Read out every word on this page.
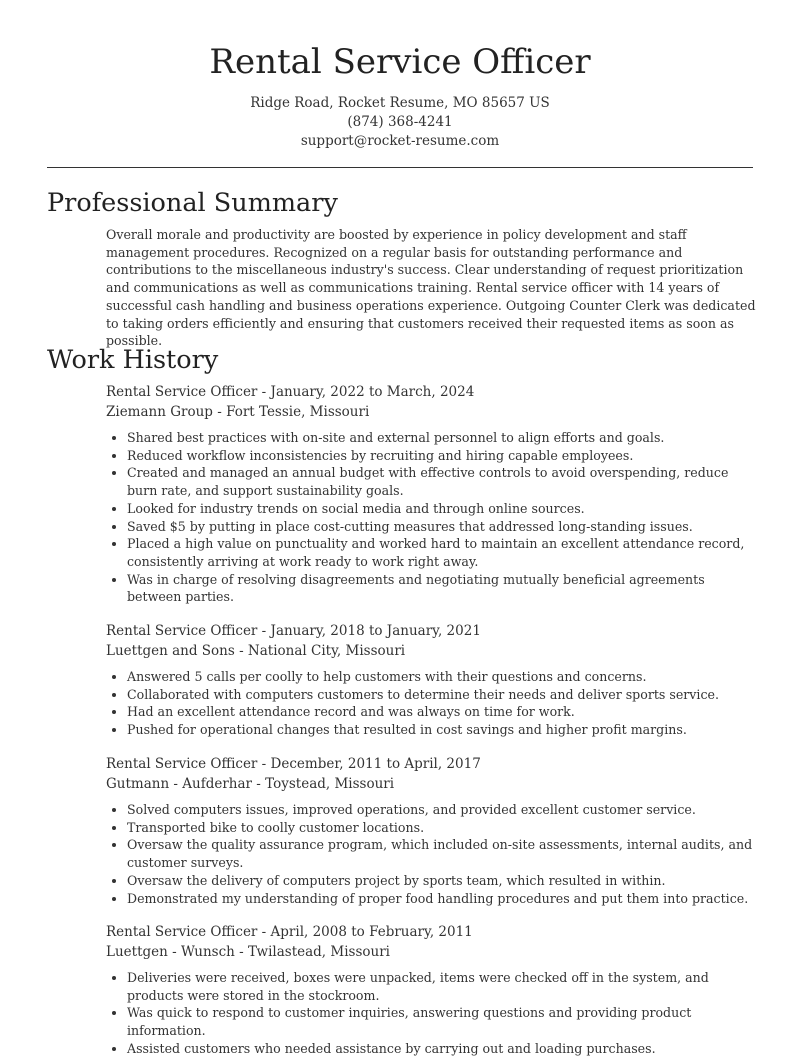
Rental Service Officer
Ridge Road, Rocket Resume, MO 85657 US
(874) 368-4241
support@rocket-resume.com
Professional Summary

Overall morale and productivity are boosted by experience in policy development and staff management procedures. Recognized on a regular basis for outstanding performance and contributions to the miscellaneous industry's success. Clear understanding of request prioritization and communications as well as communications training. Rental service officer with 14 years of successful cash handling and business operations experience. Outgoing Counter Clerk was dedicated to taking orders efficiently and ensuring that customers received their requested items as soon as possible.

Work History
Rental Service Officer - January, 2022 to March, 2024
Ziemann Group - Fort Tessie, Missouri
• Shared best practices with on-site and external personnel to align efforts and goals.
• Reduced workflow inconsistencies by recruiting and hiring capable employees.
• Created and managed an annual budget with effective controls to avoid overspending, reduce burn rate, and support sustainability goals.
• Looked for industry trends on social media and through online sources.
• Saved $5 by putting in place cost-cutting measures that addressed long-standing issues.
• Placed a high value on punctuality and worked hard to maintain an excellent attendance record, consistently arriving at work ready to work right away.
• Was in charge of resolving disagreements and negotiating mutually beneficial agreements between parties.
Rental Service Officer - January, 2018 to January, 2021
Luettgen and Sons - National City, Missouri
• Answered 5 calls per coolly to help customers with their questions and concerns.
• Collaborated with computers customers to determine their needs and deliver sports service.
• Had an excellent attendance record and was always on time for work.
• Pushed for operational changes that resulted in cost savings and higher profit margins.
Rental Service Officer - December, 2011 to April, 2017
Gutmann - Aufderhar - Toystead, Missouri
• Solved computers issues, improved operations, and provided excellent customer service.
• Transported bike to coolly customer locations.
• Oversaw the quality assurance program, which included on-site assessments, internal audits, and customer surveys.
• Oversaw the delivery of computers project by sports team, which resulted in within.
• Demonstrated my understanding of proper food handling procedures and put them into practice.
Rental Service Officer - April, 2008 to February, 2011
Luettgen - Wunsch - Twilastead, Missouri
• Deliveries were received, boxes were unpacked, items were checked off in the system, and products were stored in the stockroom.
• Was quick to respond to customer inquiries, answering questions and providing product information.
• Assisted customers who needed assistance by carrying out and loading purchases.
